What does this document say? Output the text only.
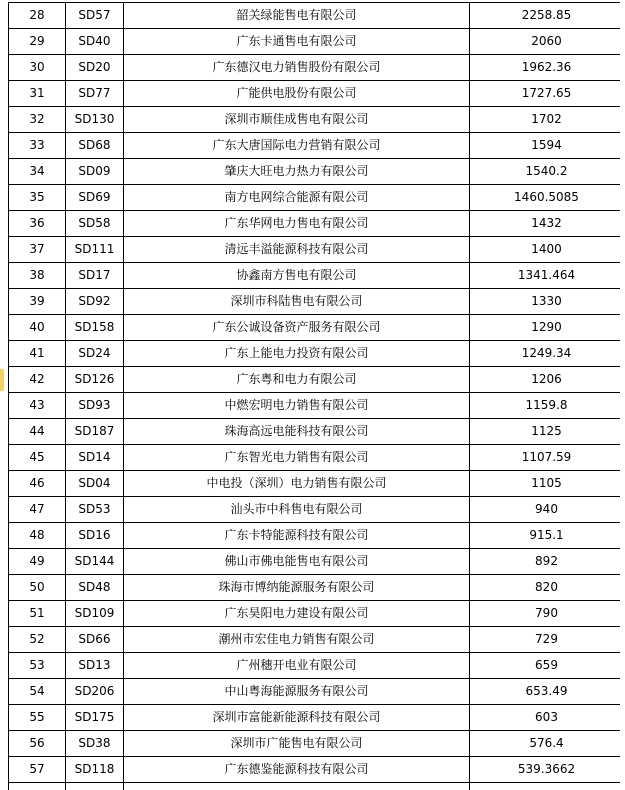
28	SD57	韶关绿能售电有限公司	2258.85
29	SD40	广东卡通售电有限公司	2060
30	SD20	广东德汉电力销售股份有限公司	1962.36
31	SD77	广能供电股份有限公司	1727.65
32	SD130	深圳市顺佳成售电有限公司	1702
33	SD68	广东大唐国际电力营销有限公司	1594
34	SD09	肇庆大旺电力热力有限公司	1540.2
35	SD69	南方电网综合能源有限公司	1460.5085
36	SD58	广东华网电力售电有限公司	1432
37	SD111	清远丰溢能源科技有限公司	1400
38	SD17	协鑫南方售电有限公司	1341.464
39	SD92	深圳市科陆售电有限公司	1330
40	SD158	广东公诚设备资产服务有限公司	1290
41	SD24	广东上能电力投资有限公司	1249.34
42	SD126	广东粤和电力有限公司	1206
43	SD93	中燃宏明电力销售有限公司	1159.8
44	SD187	珠海高远电能科技有限公司	1125
45	SD14	广东智光电力销售有限公司	1107.59
46	SD04	中电投（深圳）电力销售有限公司	1105
47	SD53	汕头市中科售电有限公司	940
48	SD16	广东卡特能源科技有限公司	915.1
49	SD144	佛山市佛电能售电有限公司	892
50	SD48	珠海市博纳能源服务有限公司	820
51	SD109	广东昊阳电力建设有限公司	790
52	SD66	潮州市宏佳电力销售有限公司	729
53	SD13	广州穗开电业有限公司	659
54	SD206	中山粤海能源服务有限公司	653.49
55	SD175	深圳市富能新能源科技有限公司	603
56	SD38	深圳市广能售电有限公司	576.4
57	SD118	广东德鉴能源科技有限公司	539.3662
